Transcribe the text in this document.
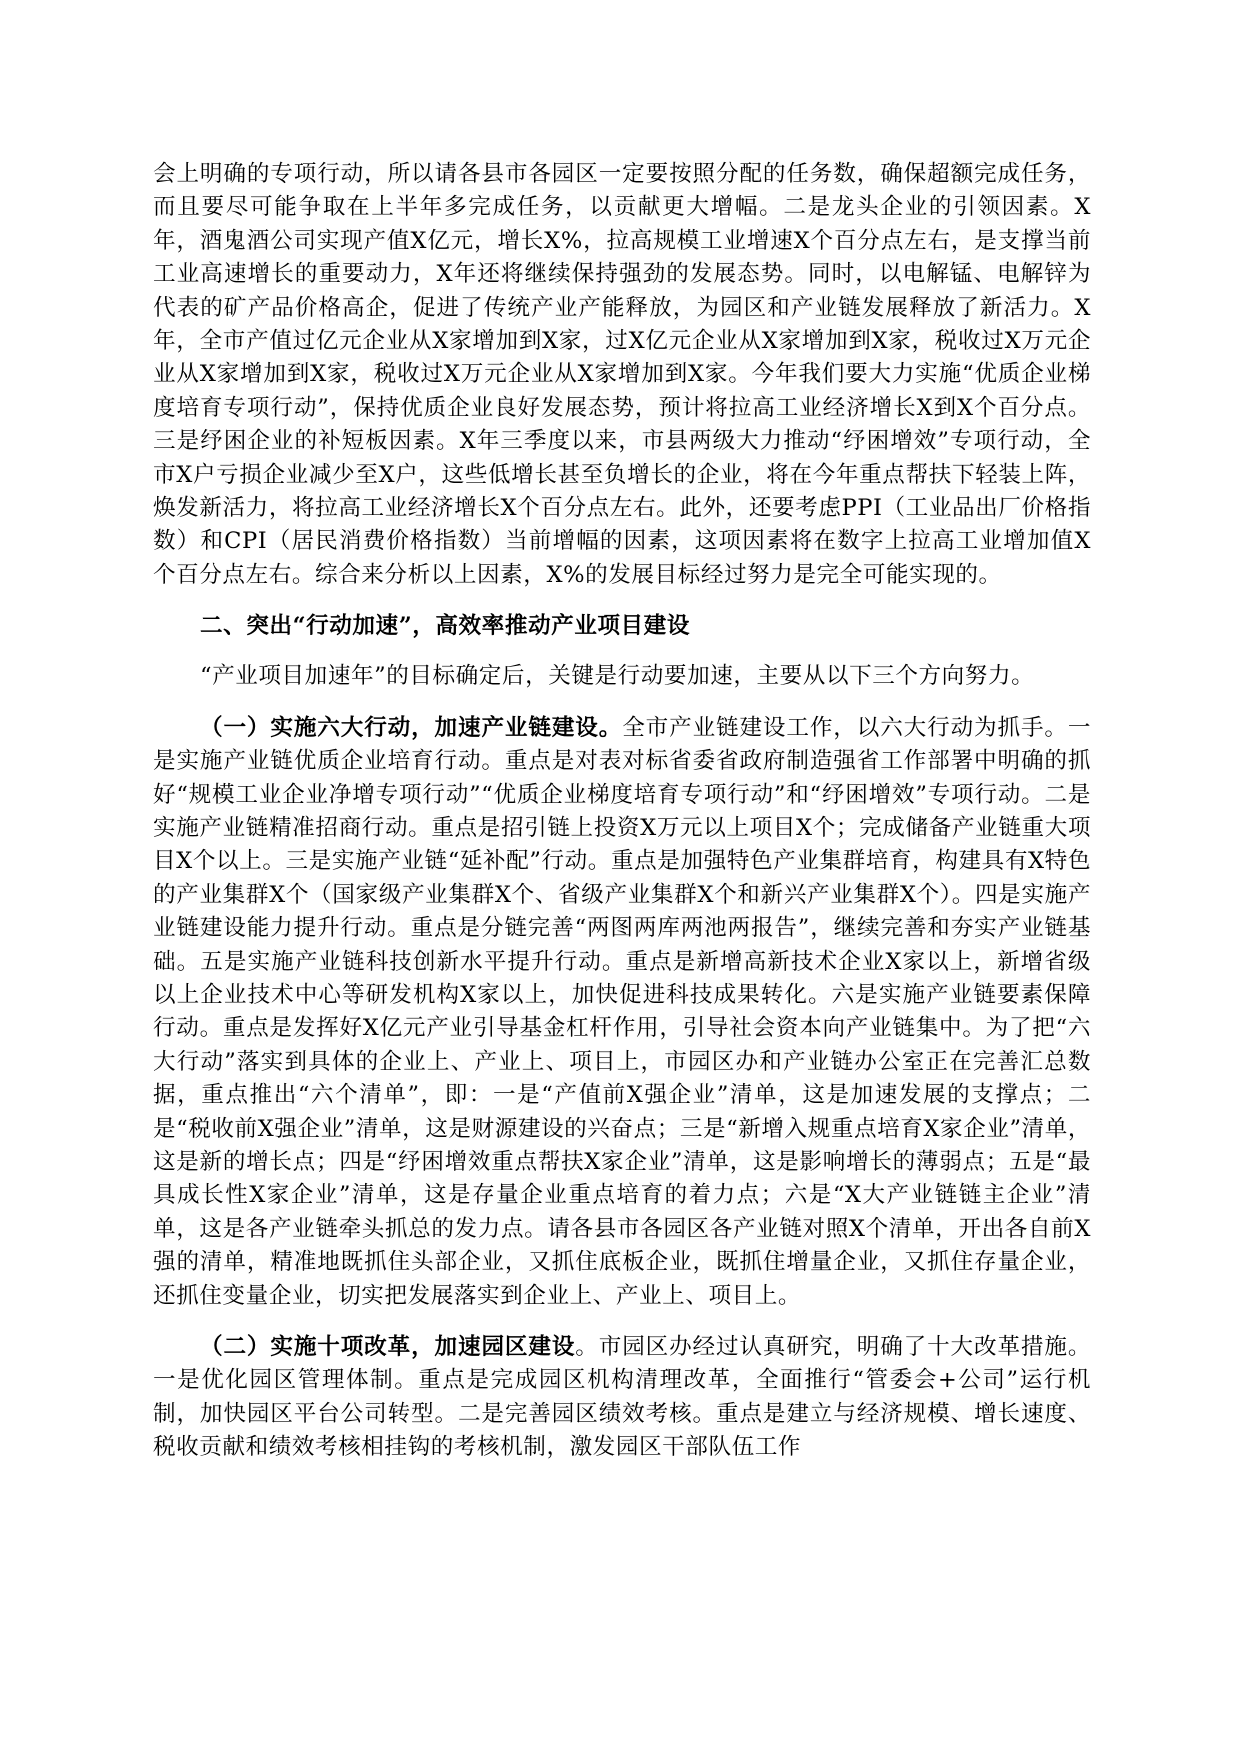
会上明确的专项行动，所以请各县市各园区一定要按照分配的任务数，确保超额完成任务，而且要尽可能争取在上半年多完成任务，以贡献更大增幅。二是龙头企业的引领因素。X年，酒鬼酒公司实现产值X亿元，增长X%，拉高规模工业增速X个百分点左右，是支撑当前工业高速增长的重要动力，X年还将继续保持强劲的发展态势。同时，以电解锰、电解锌为代表的矿产品价格高企，促进了传统产业产能释放，为园区和产业链发展释放了新活力。X年，全市产值过亿元企业从X家增加到X家，过X亿元企业从X家增加到X家，税收过X万元企业从X家增加到X家，税收过X万元企业从X家增加到X家。今年我们要大力实施“优质企业梯度培育专项行动”，保持优质企业良好发展态势，预计将拉高工业经济增长X到X个百分点。三是纾困企业的补短板因素。X年三季度以来，市县两级大力推动“纾困增效”专项行动，全市X户亏损企业减少至X户，这些低增长甚至负增长的企业，将在今年重点帮扶下轻装上阵，焕发新活力，将拉高工业经济增长X个百分点左右。此外，还要考虑PPI（工业品出厂价格指数）和CPI（居民消费价格指数）当前增幅的因素，这项因素将在数字上拉高工业增加值X个百分点左右。综合来分析以上因素，X%的发展目标经过努力是完全可能实现的。

二、突出“行动加速”，高效率推动产业项目建设

“产业项目加速年”的目标确定后，关键是行动要加速，主要从以下三个方向努力。

（一）实施六大行动，加速产业链建设。全市产业链建设工作，以六大行动为抓手。一是实施产业链优质企业培育行动。重点是对表对标省委省政府制造强省工作部署中明确的抓好“规模工业企业净增专项行动”“优质企业梯度培育专项行动”和“纾困增效”专项行动。二是实施产业链精准招商行动。重点是招引链上投资X万元以上项目X个；完成储备产业链重大项目X个以上。三是实施产业链“延补配”行动。重点是加强特色产业集群培育，构建具有X特色的产业集群X个（国家级产业集群X个、省级产业集群X个和新兴产业集群X个）。四是实施产业链建设能力提升行动。重点是分链完善“两图两库两池两报告”，继续完善和夯实产业链基础。五是实施产业链科技创新水平提升行动。重点是新增高新技术企业X家以上，新增省级以上企业技术中心等研发机构X家以上，加快促进科技成果转化。六是实施产业链要素保障行动。重点是发挥好X亿元产业引导基金杠杆作用，引导社会资本向产业链集中。为了把“六大行动”落实到具体的企业上、产业上、项目上，市园区办和产业链办公室正在完善汇总数据，重点推出“六个清单”，即：一是“产值前X强企业”清单，这是加速发展的支撑点；二是“税收前X强企业”清单，这是财源建设的兴奋点；三是“新增入规重点培育X家企业”清单，这是新的增长点；四是“纾困增效重点帮扶X家企业”清单，这是影响增长的薄弱点；五是“最具成长性X家企业”清单，这是存量企业重点培育的着力点；六是“X大产业链链主企业”清单，这是各产业链牵头抓总的发力点。请各县市各园区各产业链对照X个清单，开出各自前X强的清单，精准地既抓住头部企业，又抓住底板企业，既抓住增量企业，又抓住存量企业，还抓住变量企业，切实把发展落实到企业上、产业上、项目上。

（二）实施十项改革，加速园区建设。市园区办经过认真研究，明确了十大改革措施。一是优化园区管理体制。重点是完成园区机构清理改革，全面推行“管委会+公司”运行机制，加快园区平台公司转型。二是完善园区绩效考核。重点是建立与经济规模、增长速度、税收贡献和绩效考核相挂钩的考核机制，激发园区干部队伍工作
